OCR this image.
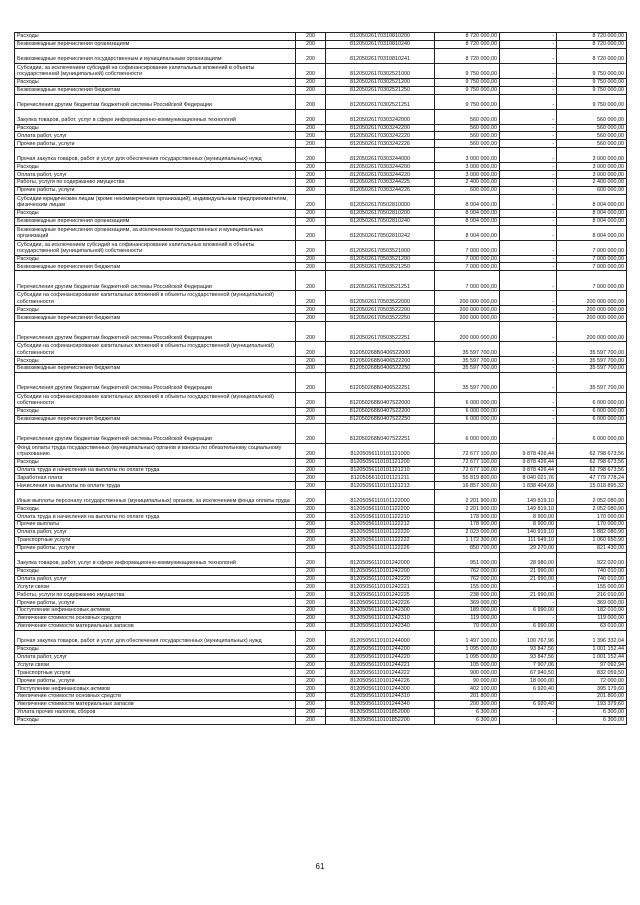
Расходы	200	81205026170310810200	8 720 000,00	-	8 720 000,00
Безвозмездные перечисления организациям	200	81205026170310810240	8 720 000,00	-	8 720 000,00
Безвозмездные перечисления государственным и муниципальным организациям	200	81205026170310810241	8 720 000,00	-	8 720 000,00
Субсидии, за исключением субсидий на софинансирование капитальных вложений в объекты государственной (муниципальной) собственности	200	81205026170302521000	9 750 000,00	-	9 750 000,00
Расходы	200	81205026170302521200	9 750 000,00	-	9 750 000,00
Безвозмездные перечисления бюджетам	200	81205026170302521250	9 750 000,00	-	9 750 000,00
Перечисления другим бюджетам бюджетной системы Российской Федерации	200	81205026170302521251	9 750 000,00	-	9 750 000,00
Закупка товаров, работ, услуг в сфере информационно-коммуникационных технологий	200	81205026170303242000	560 000,00	-	560 000,00
Расходы	200	81205026170303242200	560 000,00	-	560 000,00
Оплата работ, услуг	200	81205026170303242220	560 000,00	-	560 000,00
Прочие работы, услуги	200	81205026170303242226	560 000,00	-	560 000,00
Прочая закупка товаров, работ и услуг для обеспечения государственных (муниципальных) нужд	200	81205026170303244000	3 000 000,00	-	3 000 000,00
Расходы	200	81205026170303244200	3 000 000,00	-	3 000 000,00
Оплата работ, услуг	200	81205026170303244220	3 000 000,00	-	3 000 000,00
Работы, услуги по содержанию имущества	200	81205026170303244225	2 400 000,00	-	2 400 000,00
Прочие работы, услуги	200	81205026170303244226	600 000,00	-	600 000,00
Субсидии юридическим лицам (кроме некоммерческих организаций), индивидуальным предпринимателям, физическим лицам	200	81205026170502810000	8 004 000,00	-	8 004 000,00
Расходы	200	81205026170502810200	8 004 000,00	-	8 004 000,00
Безвозмездные перечисления организациям	200	81205026170502810240	8 004 000,00	-	8 004 000,00
Безвозмездные перечисления организациям, за исключением государственных и муниципальных организаций	200	81205026170502810242	8 004 000,00	-	8 004 000,00
Субсидии, за исключением субсидий на софинансирование капитальных вложений в объекты государственной (муниципальной) собственности	200	81205026170503521000	7 000 000,00	-	7 000 000,00
Расходы	200	81205026170503521200	7 000 000,00	-	7 000 000,00
Безвозмездные перечисления бюджетам	200	81205026170503521250	7 000 000,00	-	7 000 000,00
Перечисления другим бюджетам бюджетной системы Российской Федерации	200	81205026170503521251	7 000 000,00	-	7 000 000,00
Субсидии на софинансирование капитальных вложений в объекты государственной (муниципальной) собственности	200	81205026170503522000	200 000 000,00	-	200 000 000,00
Расходы	200	81205026170503522200	200 000 000,00	-	200 000 000,00
Безвозмездные перечисления бюджетам	200	81205026170503522250	200 000 000,00	-	200 000 000,00
Перечисления другим бюджетам бюджетной системы Российской Федерации	200	81205026170503522251	200 000 000,00	-	200 000 000,00
Субсидии на софинансирование капитальных вложений в объекты государственной (муниципальной) собственности	200	812050268Б0406522000	35 597 700,00	-	35 597 700,00
Расходы	200	812050268Б0406522200	35 597 700,00	-	35 597 700,00
Безвозмездные перечисления бюджетам	200	812050268Б0406522250	35 597 700,00	-	35 597 700,00
Перечисления другим бюджетам бюджетной системы Российской Федерации	200	812050268Б0406522251	35 597 700,00	-	35 597 700,00
Субсидии на софинансирование капитальных вложений в объекты государственной (муниципальной) собственности	200	812050268Б0407522000	6 000 000,00	-	6 000 000,00
Расходы	200	812050268Б0407522200	6 000 000,00	-	6 000 000,00
Безвозмездные перечисления бюджетам	200	812050268Б0407522250	6 000 000,00	-	6 000 000,00
Перечисления другим бюджетам бюджетной системы Российской Федерации	200	812050268Б0407522251	6 000 000,00	-	6 000 000,00
Фонд оплаты труда государственных (муниципальных) органов и взносы по обязательному социальному страхованию	200	81205056110101121000	72 677 100,00	9 878 426,44	62 798 673,56
Расходы	200	81205056110101121200	72 677 100,00	9 878 426,44	62 798 673,56
Оплата труда и начисления на выплаты по оплате труда	200	81205056110101121210	72 677 100,00	9 878 426,44	62 798 673,56
Заработная плата	200	81205056110101121211	55 819 800,00	8 040 021,76	47 779 778,24
Начисления на выплаты по оплате труда	200	81205056110101121213	16 857 300,00	1 838 404,68	15 018 895,32
Иные выплаты персоналу государственных (муниципальных) органов, за исключением фонда оплаты труда	200	81205056110101122000	2 201 900,00	149 819,10	2 052 080,90
Расходы	200	81205056110101122200	2 201 900,00	149 819,10	2 052 080,90
Оплата труда и начисления на выплаты по оплате труда	200	81205056110101122210	178 900,00	8 900,00	170 000,00
Прочие выплаты	200	81205056110101122212	178 900,00	8 900,00	170 000,00
Оплата работ, услуг	200	81205056110101122220	2 023 000,00	140 919,10	1 882 080,90
Транспортные услуги	200	81205056110101122222	1 172 300,00	111 649,10	1 060 650,90
Прочие работы, услуги	200	81205056110101122226	850 700,00	29 270,00	821 430,00
Закупка товаров, работ, услуг в сфере информационно-коммуникационных технологий	200	81205056110101242000	951 000,00	28 980,00	922 020,00
Расходы	200	81205056110101242200	762 000,00	21 990,00	740 010,00
Оплата работ, услуг	200	81205056110101242220	762 000,00	21 990,00	740 010,00
Услуги связи	200	81205056110101242221	155 000,00	-	155 000,00
Работы, услуги по содержанию имущества	200	81205056110101242225	238 000,00	21 990,00	216 010,00
Прочие работы, услуги	200	81205056110101242226	369 000,00	-	369 000,00
Поступление нефинансовых активов	200	81205056110101242300	189 000,00	6 990,00	182 010,00
Увеличение стоимости основных средств	200	81205056110101242310	119 000,00	-	119 000,00
Увеличение стоимости материальных запасов	200	81205056110101242340	70 000,00	6 990,00	63 010,00
Прочая закупка товаров, работ и услуг для обеспечения государственных (муниципальных) нужд	200	81205056110101244000	1 497 100,00	100 767,96	1 396 332,04
Расходы	200	81205056110101244200	1 095 000,00	93 847,56	1 001 152,44
Оплата работ, услуг	200	81205056110101244220	1 095 000,00	93 847,56	1 001 152,44
Услуги связи	200	81205056110101244221	105 000,00	7 907,06	97 092,94
Транспортные услуги	200	81205056110101244222	900 000,00	67 940,50	832 059,50
Прочие работы, услуги	200	81205056110101244226	90 000,00	18 000,00	72 000,00
Поступление нефинансовых активов	200	81205056110101244300	402 100,00	6 920,40	395 179,60
Увеличение стоимости основных средств	200	81205056110101244310	201 800,00	-	201 800,00
Увеличение стоимости материальных запасов	200	81205056110101244340	200 300,00	6 920,40	193 379,60
Уплата прочих налогов, сборов	200	81205056110101852000	6 300,00	-	6 300,00
Расходы	200	81205056110101852200	6 300,00	-	6 300,00
61
